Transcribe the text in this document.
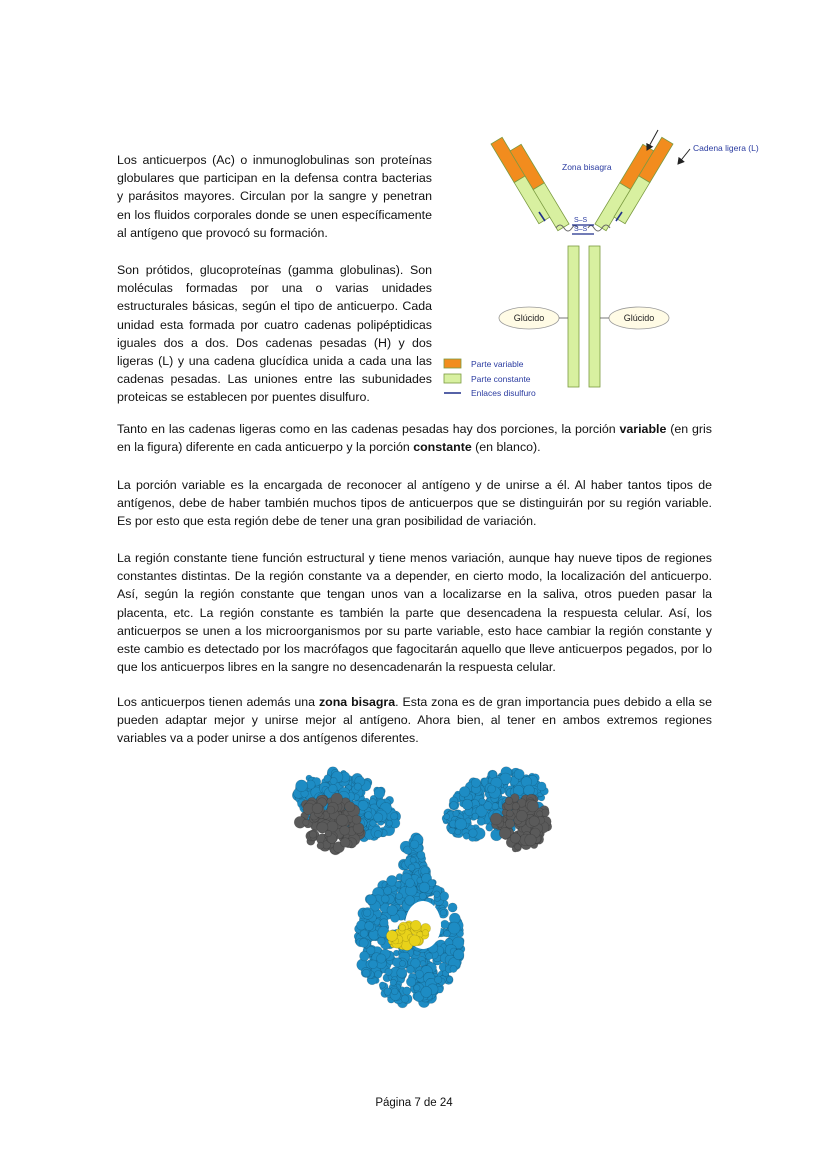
Los anticuerpos (Ac) o inmunoglobulinas son proteínas globulares que participan en la defensa contra bacterias y parásitos mayores. Circulan por la sangre y penetran en los fluidos corporales donde se unen específicamente al antígeno que provocó su formación.

Son prótidos, glucoproteínas (gamma globulinas). Son moléculas formadas por una o varias unidades estructurales básicas, según el tipo de anticuerpo. Cada unidad esta formada por cuatro cadenas polipéptidicas iguales dos a dos. Dos cadenas pesadas (H) y dos ligeras (L) y una cadena glucídica unida a cada una las cadenas pesadas. Las uniones entre las subunidades proteicas se establecen por puentes disulfuro.

Tanto en las cadenas ligeras como en las cadenas pesadas hay dos porciones, la porción variable (en gris en la figura) diferente en cada anticuerpo y la porción constante (en blanco).

La porción variable es la encargada de reconocer al antígeno y de unirse a él. Al haber tantos tipos de antígenos, debe de haber también muchos tipos de anticuerpos que se distinguirán por su región variable. Es por esto que esta región debe de tener una gran posibilidad de variación.

La región constante tiene función estructural y tiene menos variación, aunque hay nueve tipos de regiones constantes distintas. De la región constante va a depender, en cierto modo, la localización del anticuerpo. Así, según la región constante que tengan unos van a localizarse en la saliva, otros pueden pasar la placenta, etc. La región constante es también la parte que desencadena la respuesta celular. Así, los anticuerpos se unen a los microorganismos por su parte variable, esto hace cambiar la región constante y este cambio es detectado por los macrófagos que fagocitarán aquello que lleve anticuerpos pegados, por lo que los anticuerpos libres en la sangre no desencadenarán la respuesta celular.

Los anticuerpos tienen además una zona bisagra. Esta zona es de gran importancia pues debido a ella se pueden adaptar mejor y unirse mejor al antígeno. Ahora bien, al tener en ambos extremos regiones variables va a poder unirse a dos antígenos diferentes.

S–S
S–S
Zona bisagra
Cadena ligera (L)
Glúcido	Glúcido
Parte variable
Parte constante
Enlaces disulfuro

Página 7 de 24
